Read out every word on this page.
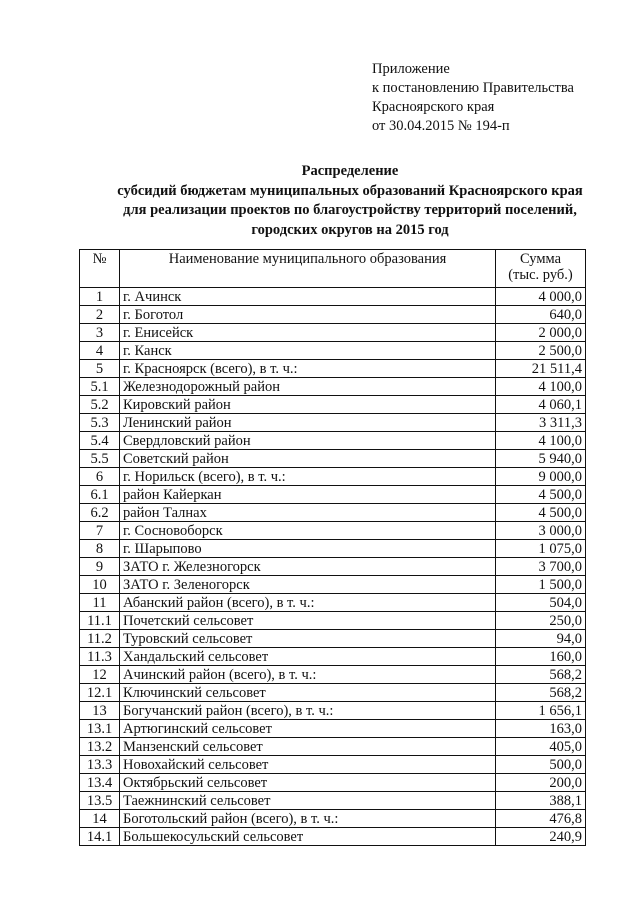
Приложение
к постановлению Правительства
Красноярского края
от 30.04.2015 № 194-п
Распределение
субсидий бюджетам муниципальных образований Красноярского края
для реализации проектов по благоустройству территорий поселений,
городских округов на 2015 год
№	Наименование муниципального образования	Сумма
(тыс. руб.)

1	г. Ачинск	4 000,0
2	г. Боготол	640,0
3	г. Енисейск	2 000,0
4	г. Канск	2 500,0
5	г. Красноярск (всего), в т. ч.:	21 511,4
5.1	Железнодорожный район	4 100,0
5.2	Кировский район	4 060,1
5.3	Ленинский район	3 311,3
5.4	Свердловский район	4 100,0
5.5	Советский район	5 940,0
6	г. Норильск (всего), в т. ч.:	9 000,0
6.1	район Кайеркан	4 500,0
6.2	район Талнах	4 500,0
7	г. Сосновоборск	3 000,0
8	г. Шарыпово	1 075,0
9	ЗАТО г. Железногорск	3 700,0
10	ЗАТО г. Зеленогорск	1 500,0
11	Абанский район (всего), в т. ч.:	504,0
11.1	Почетский сельсовет	250,0
11.2	Туровский сельсовет	94,0
11.3	Хандальский сельсовет	160,0
12	Ачинский район (всего), в т. ч.:	568,2
12.1	Ключинский сельсовет	568,2
13	Богучанский район (всего), в т. ч.:	1 656,1
13.1	Артюгинский сельсовет	163,0
13.2	Манзенский сельсовет	405,0
13.3	Новохайский сельсовет	500,0
13.4	Октябрьский сельсовет	200,0
13.5	Таежнинский сельсовет	388,1
14	Боготольский район (всего), в т. ч.:	476,8
14.1	Большекосульский сельсовет	240,9
